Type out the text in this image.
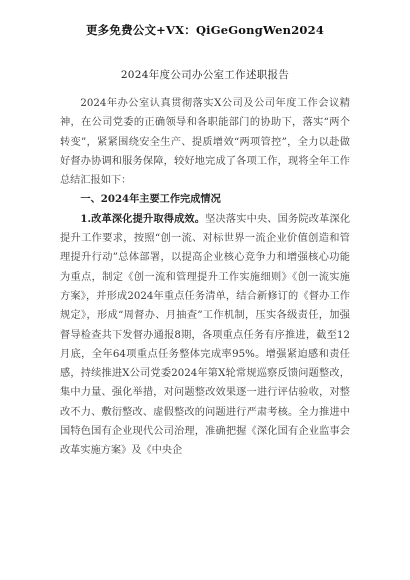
更多免费公文+VX：QiGeGongWen2024
2024年度公司办公室工作述职报告

2024年办公室认真贯彻落实X公司及公司年度工作会议精神，在公司党委的正确领导和各职能部门的协助下，落实“两个转变”，紧紧围绕安全生产、提质增效“两项管控”，全力以赴做好督办协调和服务保障，较好地完成了各项工作，现将全年工作总结汇报如下：

一、2024年主要工作完成情况

1.改革深化提升取得成效。坚决落实中央、国务院改革深化提升工作要求，按照“创一流、对标世界一流企业价值创造和管理提升行动”总体部署，以提高企业核心竞争力和增强核心功能为重点，制定《创一流和管理提升工作实施细则》《创一流实施方案》，并形成2024年重点任务清单，结合新修订的《督办工作规定》，形成“周督办、月抽查”工作机制，压实各级责任，加强督导检查共下发督办通报8期，各项重点任务有序推进，截至12月底，全年64项重点任务整体完成率95%。增强紧迫感和责任感，持续推进X公司党委2024年第X轮常规巡察反馈问题整改，集中力量、强化举措，对问题整改效果逐一进行评估验收，对整改不力、敷衍整改、虚假整改的问题进行严肃考核。全力推进中国特色国有企业现代公司治理，准确把握《深化国有企业监事会改革实施方案》及《中央企
